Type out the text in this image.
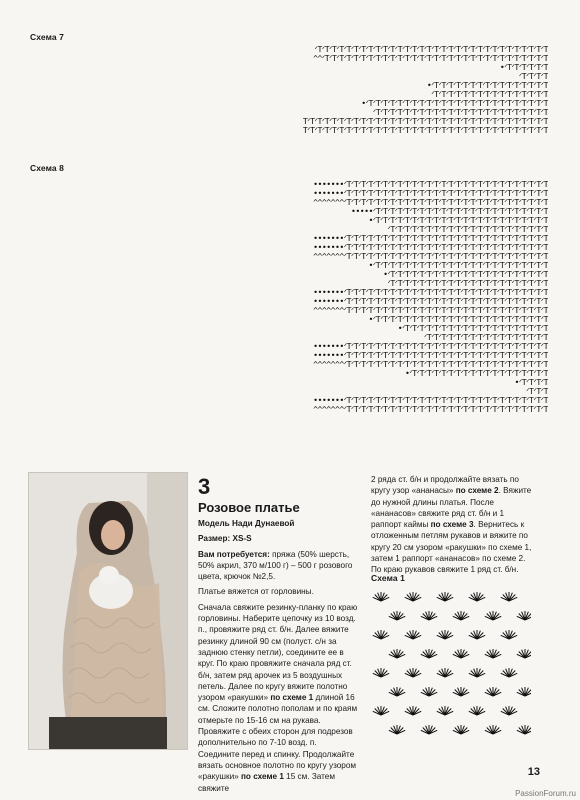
Схема 7
ᐟTᐟTᐟTᐟTᐟTᐟTᐟTᐟTᐟTᐟTᐟTᐟTᐟTᐟTᐟTᐟTᐟTᐟTᐟTᐟTᐟTᐟTᐟTᐟTᐟTᐟTᐟTᐟTᐟTᐟTᐟTᐟT
^^ᐟTᐟTᐟTᐟTᐟTᐟTᐟTᐟTᐟTᐟTᐟTᐟTᐟTᐟTᐟTᐟTᐟTᐟTᐟTᐟTᐟTᐟTᐟTᐟTᐟTᐟTᐟTᐟTᐟTᐟTᐟT
•ᐟTᐟTᐟTᐟTᐟTᐟT
ᐟTᐟTᐟTᐟT
•ᐟTᐟTᐟTᐟTᐟTᐟTᐟTᐟTᐟTᐟTᐟTᐟTᐟTᐟTᐟTᐟT
ᐟTᐟTᐟTᐟTᐟTᐟTᐟTᐟTᐟTᐟTᐟTᐟTᐟTᐟTᐟTᐟT
•ᐟTᐟTᐟTᐟTᐟTᐟTᐟTᐟTᐟTᐟTᐟTᐟTᐟTᐟTᐟTᐟTᐟTᐟTᐟTᐟTᐟTᐟTᐟTᐟTᐟT
ᐟTᐟTᐟTᐟTᐟTᐟTᐟTᐟTᐟTᐟTᐟTᐟTᐟTᐟTᐟTᐟTᐟTᐟTᐟTᐟTᐟTᐟTᐟTᐟT
TᐟTᐟTᐟTᐟTᐟTᐟTᐟTᐟTᐟTᐟTᐟTᐟTᐟTᐟTᐟTᐟTᐟTᐟTᐟTᐟTᐟTᐟTᐟTᐟTᐟTᐟTᐟTᐟTᐟTᐟTᐟTᐟTᐟT
TᐟTᐟTᐟTᐟTᐟTᐟTᐟTᐟTᐟTᐟTᐟTᐟTᐟTᐟTᐟTᐟTᐟTᐟTᐟTᐟTᐟTᐟTᐟTᐟTᐟTᐟTᐟTᐟTᐟTᐟTᐟTᐟTᐟT
Схема 8
•••••••ᐟTᐟTᐟTᐟTᐟTᐟTᐟTᐟTᐟTᐟTᐟTᐟTᐟTᐟTᐟTᐟTᐟTᐟTᐟTᐟTᐟTᐟTᐟTᐟTᐟTᐟTᐟTᐟT
•••••••ᐟTᐟTᐟTᐟTᐟTᐟTᐟTᐟTᐟTᐟTᐟTᐟTᐟTᐟTᐟTᐟTᐟTᐟTᐟTᐟTᐟTᐟTᐟTᐟTᐟTᐟTᐟTᐟT
^^^^^^^ᐟTᐟTᐟTᐟTᐟTᐟTᐟTᐟTᐟTᐟTᐟTᐟTᐟTᐟTᐟTᐟTᐟTᐟTᐟTᐟTᐟTᐟTᐟTᐟTᐟTᐟTᐟTᐟT
•••••ᐟTᐟTᐟTᐟTᐟTᐟTᐟTᐟTᐟTᐟTᐟTᐟTᐟTᐟTᐟTᐟTᐟTᐟTᐟTᐟTᐟTᐟTᐟTᐟT
•ᐟTᐟTᐟTᐟTᐟTᐟTᐟTᐟTᐟTᐟTᐟTᐟTᐟTᐟTᐟTᐟTᐟTᐟTᐟTᐟTᐟTᐟTᐟTᐟT
ᐟTᐟTᐟTᐟTᐟTᐟTᐟTᐟTᐟTᐟTᐟTᐟTᐟTᐟTᐟTᐟTᐟTᐟTᐟTᐟTᐟTᐟT
•••••••ᐟTᐟTᐟTᐟTᐟTᐟTᐟTᐟTᐟTᐟTᐟTᐟTᐟTᐟTᐟTᐟTᐟTᐟTᐟTᐟTᐟTᐟTᐟTᐟTᐟTᐟTᐟTᐟT
•••••••ᐟTᐟTᐟTᐟTᐟTᐟTᐟTᐟTᐟTᐟTᐟTᐟTᐟTᐟTᐟTᐟTᐟTᐟTᐟTᐟTᐟTᐟTᐟTᐟTᐟTᐟTᐟTᐟT
^^^^^^^ᐟTᐟTᐟTᐟTᐟTᐟTᐟTᐟTᐟTᐟTᐟTᐟTᐟTᐟTᐟTᐟTᐟTᐟTᐟTᐟTᐟTᐟTᐟTᐟTᐟTᐟTᐟTᐟT
•ᐟTᐟTᐟTᐟTᐟTᐟTᐟTᐟTᐟTᐟTᐟTᐟTᐟTᐟTᐟTᐟTᐟTᐟTᐟTᐟTᐟTᐟTᐟTᐟT
•ᐟTᐟTᐟTᐟTᐟTᐟTᐟTᐟTᐟTᐟTᐟTᐟTᐟTᐟTᐟTᐟTᐟTᐟTᐟTᐟTᐟTᐟT
ᐟTᐟTᐟTᐟTᐟTᐟTᐟTᐟTᐟTᐟTᐟTᐟTᐟTᐟTᐟTᐟTᐟTᐟTᐟTᐟTᐟTᐟT
•••••••ᐟTᐟTᐟTᐟTᐟTᐟTᐟTᐟTᐟTᐟTᐟTᐟTᐟTᐟTᐟTᐟTᐟTᐟTᐟTᐟTᐟTᐟTᐟTᐟTᐟTᐟTᐟTᐟT
•••••••ᐟTᐟTᐟTᐟTᐟTᐟTᐟTᐟTᐟTᐟTᐟTᐟTᐟTᐟTᐟTᐟTᐟTᐟTᐟTᐟTᐟTᐟTᐟTᐟTᐟTᐟTᐟTᐟT
^^^^^^^ᐟTᐟTᐟTᐟTᐟTᐟTᐟTᐟTᐟTᐟTᐟTᐟTᐟTᐟTᐟTᐟTᐟTᐟTᐟTᐟTᐟTᐟTᐟTᐟTᐟTᐟTᐟTᐟT
•ᐟTᐟTᐟTᐟTᐟTᐟTᐟTᐟTᐟTᐟTᐟTᐟTᐟTᐟTᐟTᐟTᐟTᐟTᐟTᐟTᐟTᐟTᐟTᐟT
•ᐟTᐟTᐟTᐟTᐟTᐟTᐟTᐟTᐟTᐟTᐟTᐟTᐟTᐟTᐟTᐟTᐟTᐟTᐟTᐟT
ᐟTᐟTᐟTᐟTᐟTᐟTᐟTᐟTᐟTᐟTᐟTᐟTᐟTᐟTᐟTᐟTᐟT
•••••••ᐟTᐟTᐟTᐟTᐟTᐟTᐟTᐟTᐟTᐟTᐟTᐟTᐟTᐟTᐟTᐟTᐟTᐟTᐟTᐟTᐟTᐟTᐟTᐟTᐟTᐟTᐟTᐟT
•••••••ᐟTᐟTᐟTᐟTᐟTᐟTᐟTᐟTᐟTᐟTᐟTᐟTᐟTᐟTᐟTᐟTᐟTᐟTᐟTᐟTᐟTᐟTᐟTᐟTᐟTᐟTᐟTᐟT
^^^^^^^ᐟTᐟTᐟTᐟTᐟTᐟTᐟTᐟTᐟTᐟTᐟTᐟTᐟTᐟTᐟTᐟTᐟTᐟTᐟTᐟTᐟTᐟTᐟTᐟTᐟTᐟTᐟTᐟT
•ᐟTᐟTᐟTᐟTᐟTᐟTᐟTᐟTᐟTᐟTᐟTᐟTᐟTᐟTᐟTᐟTᐟTᐟTᐟT
•ᐟTᐟTᐟTᐟT
ᐟTᐟTᐟT
•••••••ᐟTᐟTᐟTᐟTᐟTᐟTᐟTᐟTᐟTᐟTᐟTᐟTᐟTᐟTᐟTᐟTᐟTᐟTᐟTᐟTᐟTᐟTᐟTᐟTᐟTᐟTᐟTᐟT
^^^^^^^ᐟTᐟTᐟTᐟTᐟTᐟTᐟTᐟTᐟTᐟTᐟTᐟTᐟTᐟTᐟTᐟTᐟTᐟTᐟTᐟTᐟTᐟTᐟTᐟTᐟTᐟTᐟTᐟT
3
Розовое платье

Модель Нади Дунаевой

Размер: XS-S

Вам потребуется: пряжа (50% шерсть, 50% акрил, 370 м/100 г) – 500 г розового цвета, крючок №2,5.

Платье вяжется от горловины.

Сначала свяжите резинку-планку по краю горловины. Наберите цепочку из 10 возд. п., провяжите ряд ст. б/н. Далее вяжите резинку длиной 90 см (полуст. с/н за заднюю стенку петли), соедините ее в круг. По краю провяжите сначала ряд ст. б/н, затем ряд арочек из 5 воздушных петель. Далее по кругу вяжите полотно узором «ракушки» по схеме 1 длиной 16 см. Сложите полотно пополам и по краям отмерьте по 15-16 см на рукава. Провяжите с обеих сторон для подрезов дополнительно по 7-10 возд. п. Соедините перед и спинку. Продолжайте вязать основное полотно по кругу узором «ракушки» по схеме 1 15 см. Затем свяжите

2 ряда ст. б/н и продолжайте вязать по кругу узор «ананасы» по схеме 2. Вяжите до нужной длины платья. После «ананасов» свяжите ряд ст. б/н и 1 раппорт каймы по схеме 3. Вернитесь к отложенным петлям рукавов и вяжите по кругу 20 см узором «ракушки» по схеме 1, затем 1 раппорт «ананасов» по схеме 2. По краю рукавов свяжите 1 ряд ст. б/н.

Схема 1
13
PassionForum.ru
